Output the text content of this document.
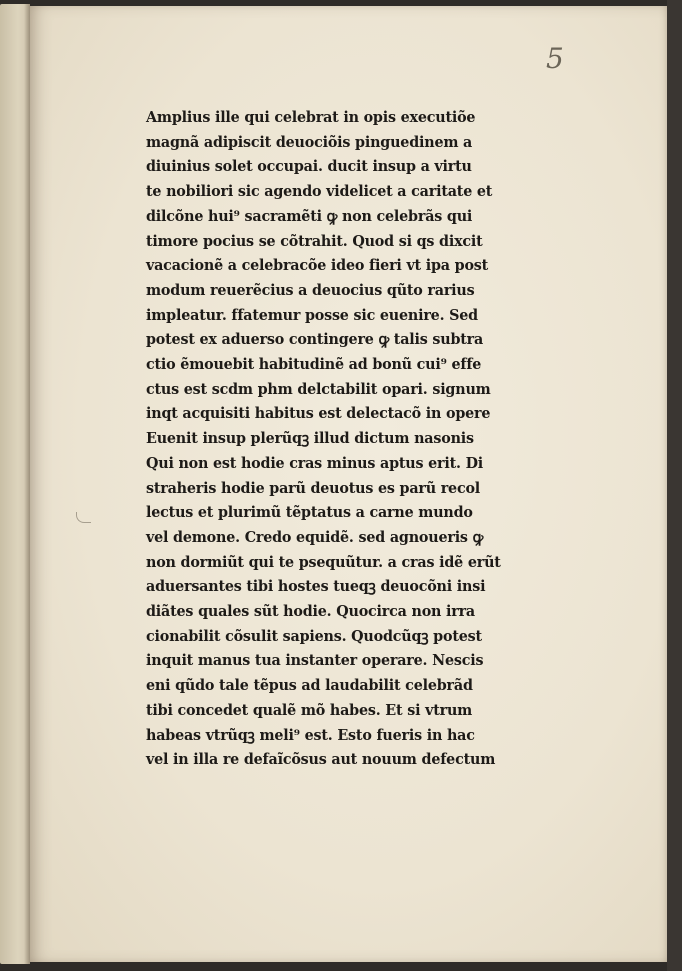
5
Amplius ille qui celebrat in opis executiõe
magnã adipiscit deuociõis pinguedinem a
diuinius solet occupai. ducit insup a virtu
te nobiliori sic agendo videlicet a caritate et
dilcõne hui⁹ sacramẽti ꝙ non celebrãs qui
timore pocius se cõtrahit. Quod si qs dixcit
vacacionẽ a celebracõe ideo fieri vt ipa post
modum reuerẽcius a deuocius qũto rarius
impleatur. ffatemur posse sic euenire. Sed
potest ex aduerso contingere ꝙ talis subtra
ctio ẽmouebit habitudinẽ ad bonũ cui⁹ effe
ctus est scdm phm delctabilit opari. signum
inqt acquisiti habitus est delectacõ in opere
Euenit insup plerũqꝫ illud dictum nasonis
Qui non est hodie cras minus aptus erit. Di
straheris hodie parũ deuotus es parũ recol
lectus et plurimũ tẽptatus a carne mundo
vel demone. Credo equidẽ. sed agnoueris ꝙ
non dormiũt qui te psequũtur. a cras idẽ erũt
aduersantes tibi hostes tueqꝫ deuocõni insi
diãtes quales sũt hodie. Quocirca non irra
cionabilit cõsulit sapiens. Quodcũqꝫ potest
inquit manus tua instanter operare. Nescis
eni qũdo tale tẽpus ad laudabilit celebrãd
tibi concedet qualẽ mõ habes. Et si vtrum
habeas vtrũqꝫ meli⁹ est. Esto fueris in hac
vel in illa re defaĩcõsus aut nouum defectum
